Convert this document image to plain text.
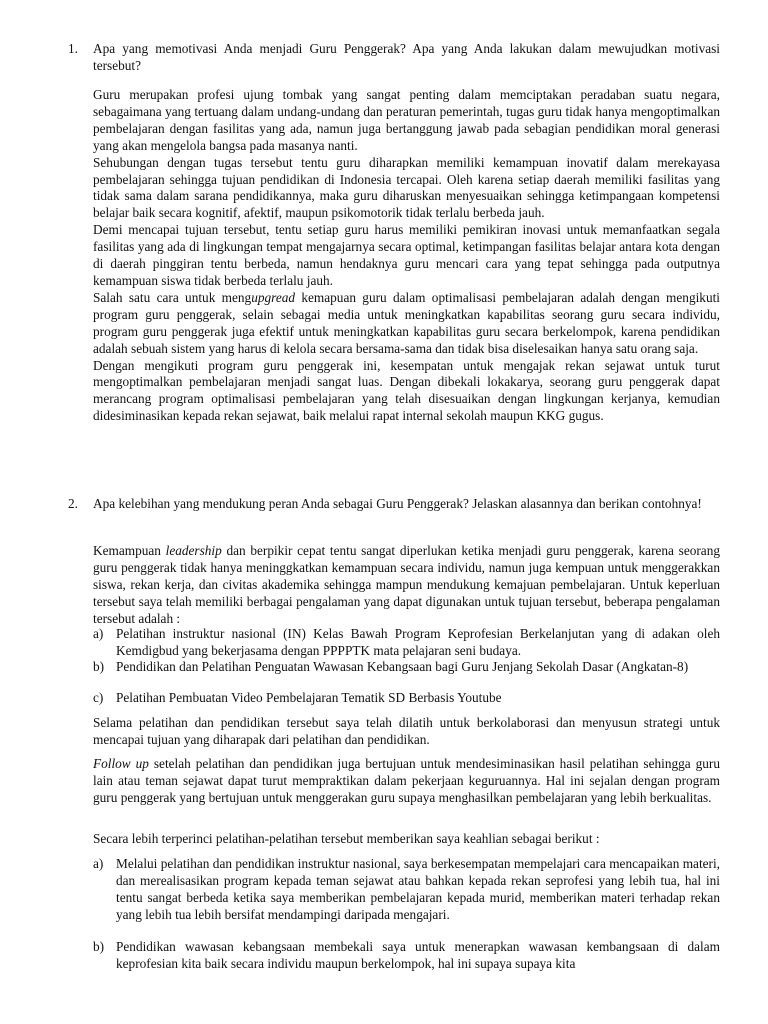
1. Apa yang memotivasi Anda menjadi Guru Penggerak? Apa yang Anda lakukan dalam mewujudkan motivasi tersebut?

Guru merupakan profesi ujung tombak yang sangat penting dalam memciptakan peradaban suatu negara, sebagaimana yang tertuang dalam undang-undang dan peraturan pemerintah, tugas guru tidak hanya mengoptimalkan pembelajaran dengan fasilitas yang ada, namun juga bertanggung jawab pada sebagian pendidikan moral generasi yang akan mengelola bangsa pada masanya nanti.

Sehubungan dengan tugas tersebut tentu guru diharapkan memiliki kemampuan inovatif dalam merekayasa pembelajaran sehingga tujuan pendidikan di Indonesia tercapai. Oleh karena setiap daerah memiliki fasilitas yang tidak sama dalam sarana pendidikannya, maka guru diharuskan menyesuaikan sehingga ketimpangaan kompetensi belajar baik secara kognitif, afektif, maupun psikomotorik tidak terlalu berbeda jauh.

Demi mencapai tujuan tersebut, tentu setiap guru harus memiliki pemikiran inovasi untuk memanfaatkan segala fasilitas yang ada di lingkungan tempat mengajarnya secara optimal, ketimpangan fasilitas belajar antara kota dengan di daerah pinggiran tentu berbeda, namun hendaknya guru mencari cara yang tepat sehingga pada outputnya kemampuan siswa tidak berbeda terlalu jauh.

Salah satu cara untuk mengupgread kemapuan guru dalam optimalisasi pembelajaran adalah dengan mengikuti program guru penggerak, selain sebagai media untuk meningkatkan kapabilitas seorang guru secara individu, program guru penggerak juga efektif untuk meningkatkan kapabilitas guru secara berkelompok, karena pendidikan adalah sebuah sistem yang harus di kelola secara bersama-sama dan tidak bisa diselesaikan hanya satu orang saja.

Dengan mengikuti program guru penggerak ini, kesempatan untuk mengajak rekan sejawat untuk turut mengoptimalkan pembelajaran menjadi sangat luas. Dengan dibekali lokakarya, seorang guru penggerak dapat merancang program optimalisasi pembelajaran yang telah disesuaikan dengan lingkungan kerjanya, kemudian didesiminasikan kepada rekan sejawat, baik melalui rapat internal sekolah maupun KKG gugus.

2. Apa kelebihan yang mendukung peran Anda sebagai Guru Penggerak? Jelaskan alasannya dan berikan contohnya!

Kemampuan leadership dan berpikir cepat tentu sangat diperlukan ketika menjadi guru penggerak, karena seorang guru penggerak tidak hanya meninggkatkan kemampuan secara individu, namun juga kempuan untuk menggerakkan siswa, rekan kerja, dan civitas akademika sehingga mampun mendukung kemajuan pembelajaran. Untuk keperluan tersebut saya telah memiliki berbagai pengalaman yang dapat digunakan untuk tujuan tersebut, beberapa pengalaman tersebut adalah :

a) Pelatihan instruktur nasional (IN) Kelas Bawah Program Keprofesian Berkelanjutan yang di adakan oleh Kemdigbud yang bekerjasama dengan PPPPTK mata pelajaran seni budaya.
b) Pendidikan dan Pelatihan Penguatan Wawasan Kebangsaan bagi Guru Jenjang Sekolah Dasar (Angkatan-8)
c) Pelatihan Pembuatan Video Pembelajaran Tematik SD Berbasis Youtube

Selama pelatihan dan pendidikan tersebut saya telah dilatih untuk berkolaborasi dan menyusun strategi untuk mencapai tujuan yang diharapak dari pelatihan dan pendidikan.

Follow up setelah pelatihan dan pendidikan juga bertujuan untuk mendesiminasikan hasil pelatihan sehingga guru lain atau teman sejawat dapat turut mempraktikan dalam pekerjaan keguruannya. Hal ini sejalan dengan program guru penggerak yang bertujuan untuk menggerakan guru supaya menghasilkan pembelajaran yang lebih berkualitas.

Secara lebih terperinci pelatihan-pelatihan tersebut memberikan saya keahlian sebagai berikut :

a) Melalui pelatihan dan pendidikan instruktur nasional, saya berkesempatan mempelajari cara mencapaikan materi, dan merealisasikan program kepada teman sejawat atau bahkan kepada rekan seprofesi yang lebih tua, hal ini tentu sangat berbeda ketika saya memberikan pembelajaran kepada murid, memberikan materi terhadap rekan yang lebih tua lebih bersifat mendampingi daripada mengajari.
b) Pendidikan wawasan kebangsaan membekali saya untuk menerapkan wawasan kembangsaan di dalam keprofesian kita baik secara individu maupun berkelompok, hal ini supaya supaya kita
